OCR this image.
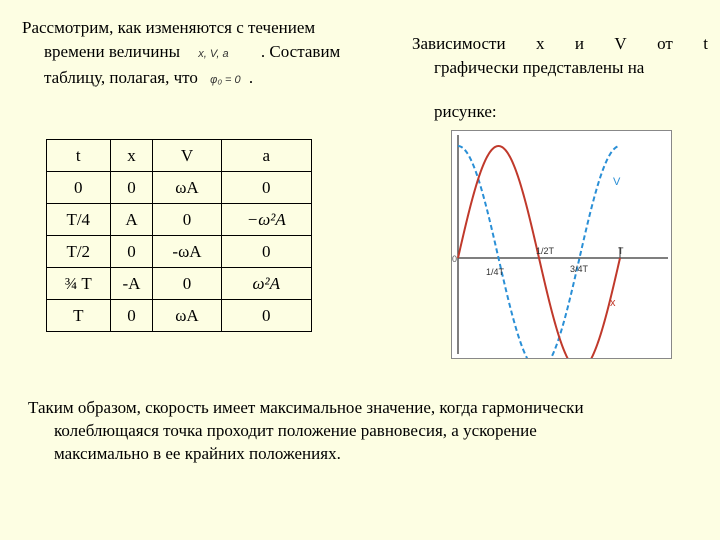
Рассмотрим, как изменяются с течением

времени величины x, V, a . Составим
таблицу, полагая, что φ₀ = 0 .
Зависимости x и V от t
графически представлены на
рисунке:
t	x	V	a
0	0	ωA	0
T/4	A	0	−ω²A
T/2	0	-ωA	0
¾ T	-A	0	ω²A
T	0	ωA	0
0
1/4T
1/2T
3/4T
T
V
x
Таким образом, скорость имеет максимальное значение, когда гармонически
колеблющаяся точка проходит положение равновесия, а ускорение
максимально в ее крайних положениях.
